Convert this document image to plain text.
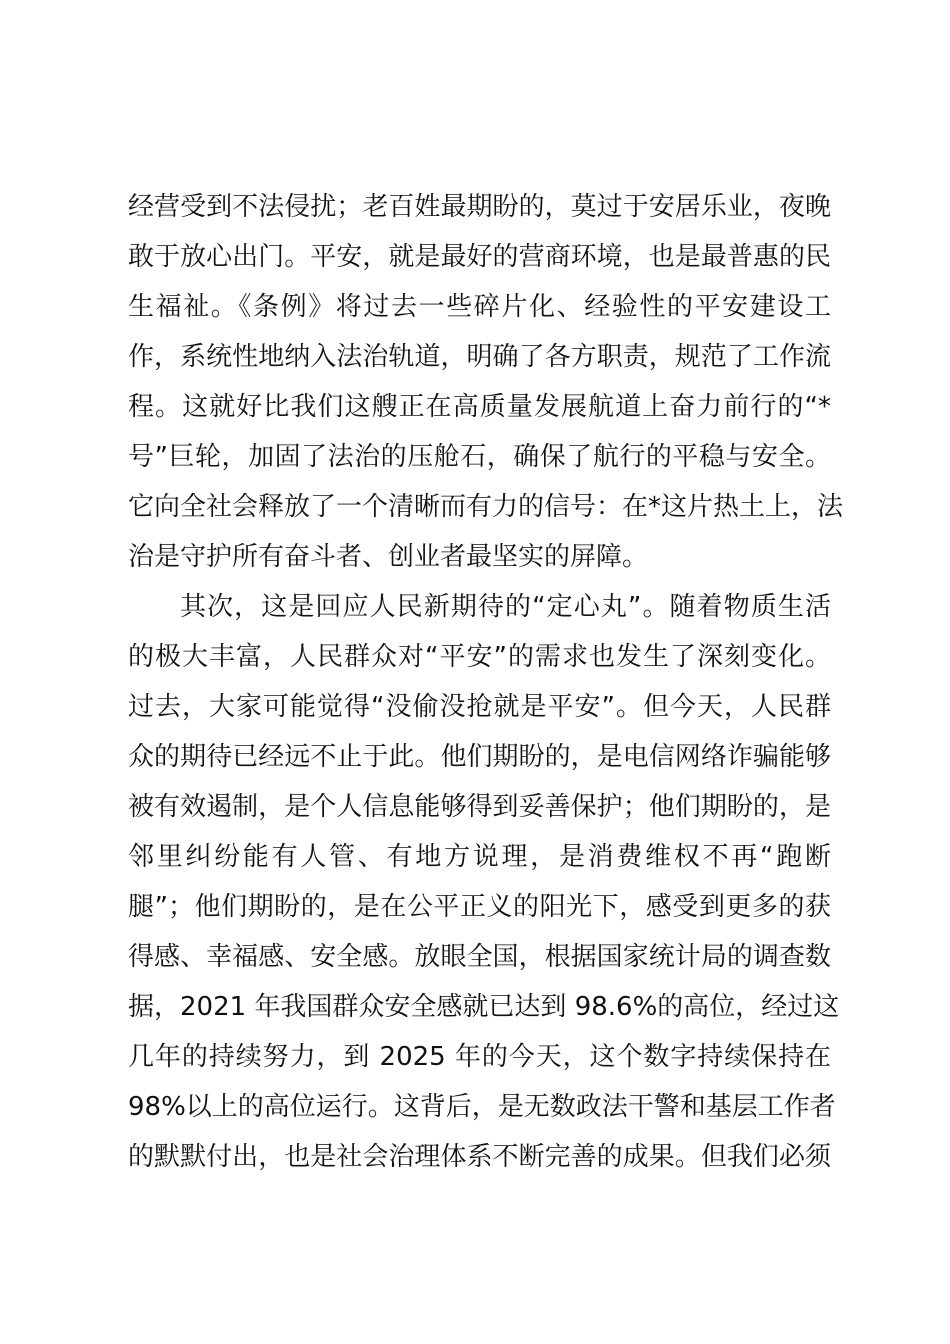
经营受到不法侵扰；老百姓最期盼的，莫过于安居乐业，夜晚
敢于放心出门。平安，就是最好的营商环境，也是最普惠的民
生福祉。《条例》将过去一些碎片化、经验性的平安建设工
作，系统性地纳入法治轨道，明确了各方职责，规范了工作流
程。这就好比我们这艘正在高质量发展航道上奋力前行的“*
号”巨轮，加固了法治的压舱石，确保了航行的平稳与安全。
它向全社会释放了一个清晰而有力的信号：在*这片热土上，法
治是守护所有奋斗者、创业者最坚实的屏障。
其次，这是回应人民新期待的“定心丸”。随着物质生活
的极大丰富，人民群众对“平安”的需求也发生了深刻变化。
过去，大家可能觉得“没偷没抢就是平安”。但今天，人民群
众的期待已经远不止于此。他们期盼的，是电信网络诈骗能够
被有效遏制，是个人信息能够得到妥善保护；他们期盼的，是
邻里纠纷能有人管、有地方说理，是消费维权不再“跑断
腿”；他们期盼的，是在公平正义的阳光下，感受到更多的获
得感、幸福感、安全感。放眼全国，根据国家统计局的调查数
据，2021 年我国群众安全感就已达到 98.6%的高位，经过这
几年的持续努力，到 2025 年的今天，这个数字持续保持在
98%以上的高位运行。这背后，是无数政法干警和基层工作者
的默默付出，也是社会治理体系不断完善的成果。但我们必须
